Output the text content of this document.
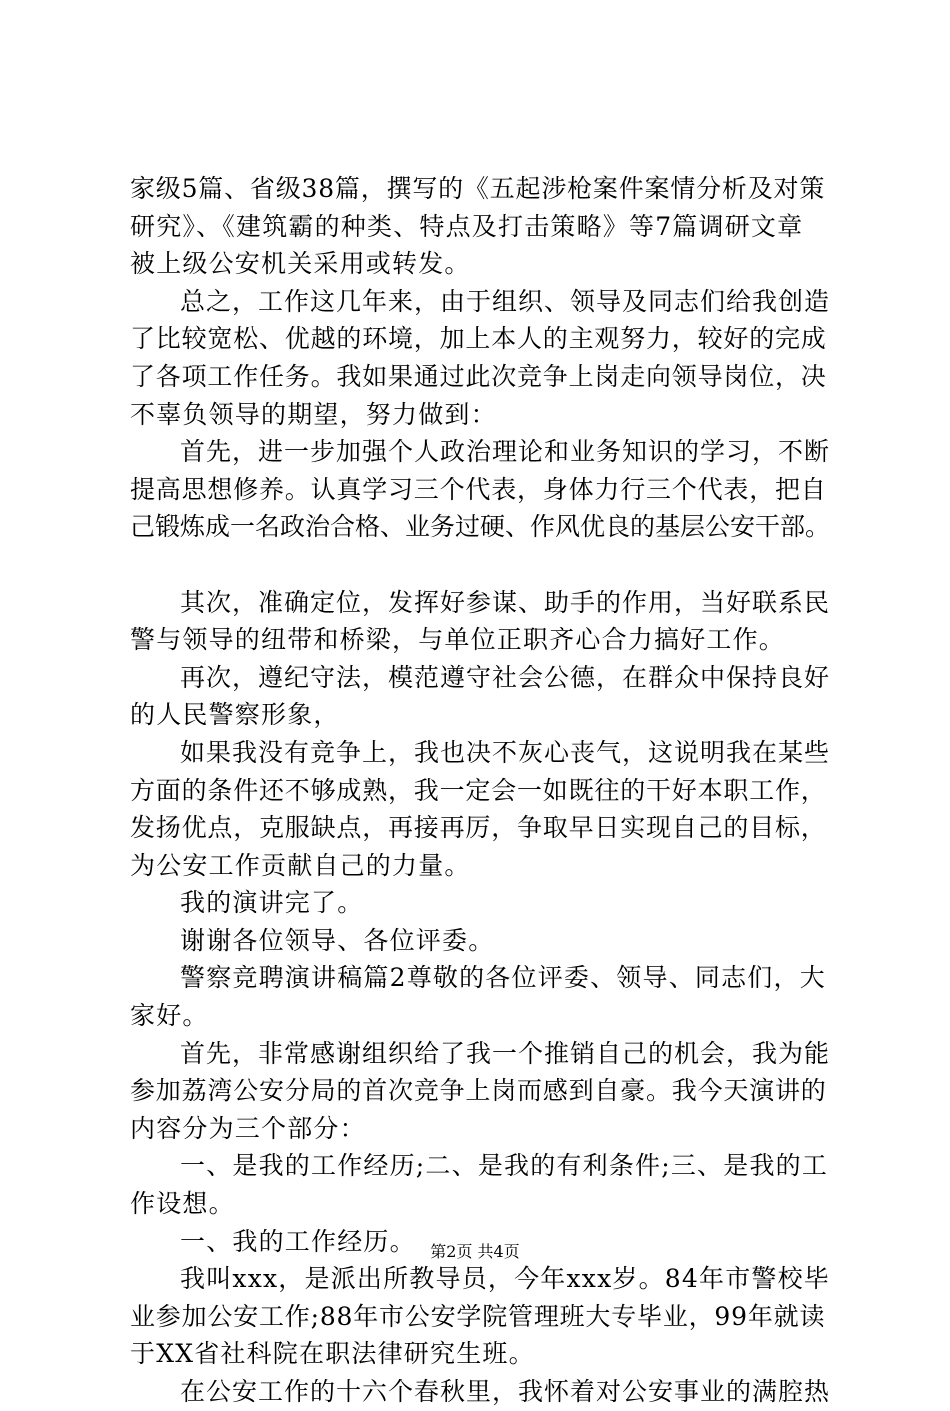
家级5篇、省级38篇，撰写的《五起涉枪案件案情分析及对策
研究》、《建筑霸的种类、特点及打击策略》等7篇调研文章
被上级公安机关采用或转发。
总之，工作这几年来，由于组织、领导及同志们给我创造
了比较宽松、优越的环境，加上本人的主观努力，较好的完成
了各项工作任务。我如果通过此次竞争上岗走向领导岗位，决
不辜负领导的期望，努力做到：
首先，进一步加强个人政治理论和业务知识的学习，不断
提高思想修养。认真学习三个代表，身体力行三个代表，把自
己锻炼成一名政治合格、业务过硬、作风优良的基层公安干部。
其次，准确定位，发挥好参谋、助手的作用，当好联系民
警与领导的纽带和桥梁，与单位正职齐心合力搞好工作。
再次，遵纪守法，模范遵守社会公德，在群众中保持良好
的人民警察形象，
如果我没有竞争上，我也决不灰心丧气，这说明我在某些
方面的条件还不够成熟，我一定会一如既往的干好本职工作，
发扬优点，克服缺点，再接再厉，争取早日实现自己的目标，
为公安工作贡献自己的力量。
我的演讲完了。
谢谢各位领导、各位评委。
警察竞聘演讲稿篇2尊敬的各位评委、领导、同志们，大
家好。
首先，非常感谢组织给了我一个推销自己的机会，我为能
参加荔湾公安分局的首次竞争上岗而感到自豪。我今天演讲的
内容分为三个部分：
一、是我的工作经历;二、是我的有利条件;三、是我的工
作设想。
一、我的工作经历。
我叫xxx，是派出所教导员，今年xxx岁。84年市警校毕
业参加公安工作;88年市公安学院管理班大专毕业，99年就读
于XX省社科院在职法律研究生班。
在公安工作的十六个春秋里，我怀着对公安事业的满腔热
第2页 共4页
